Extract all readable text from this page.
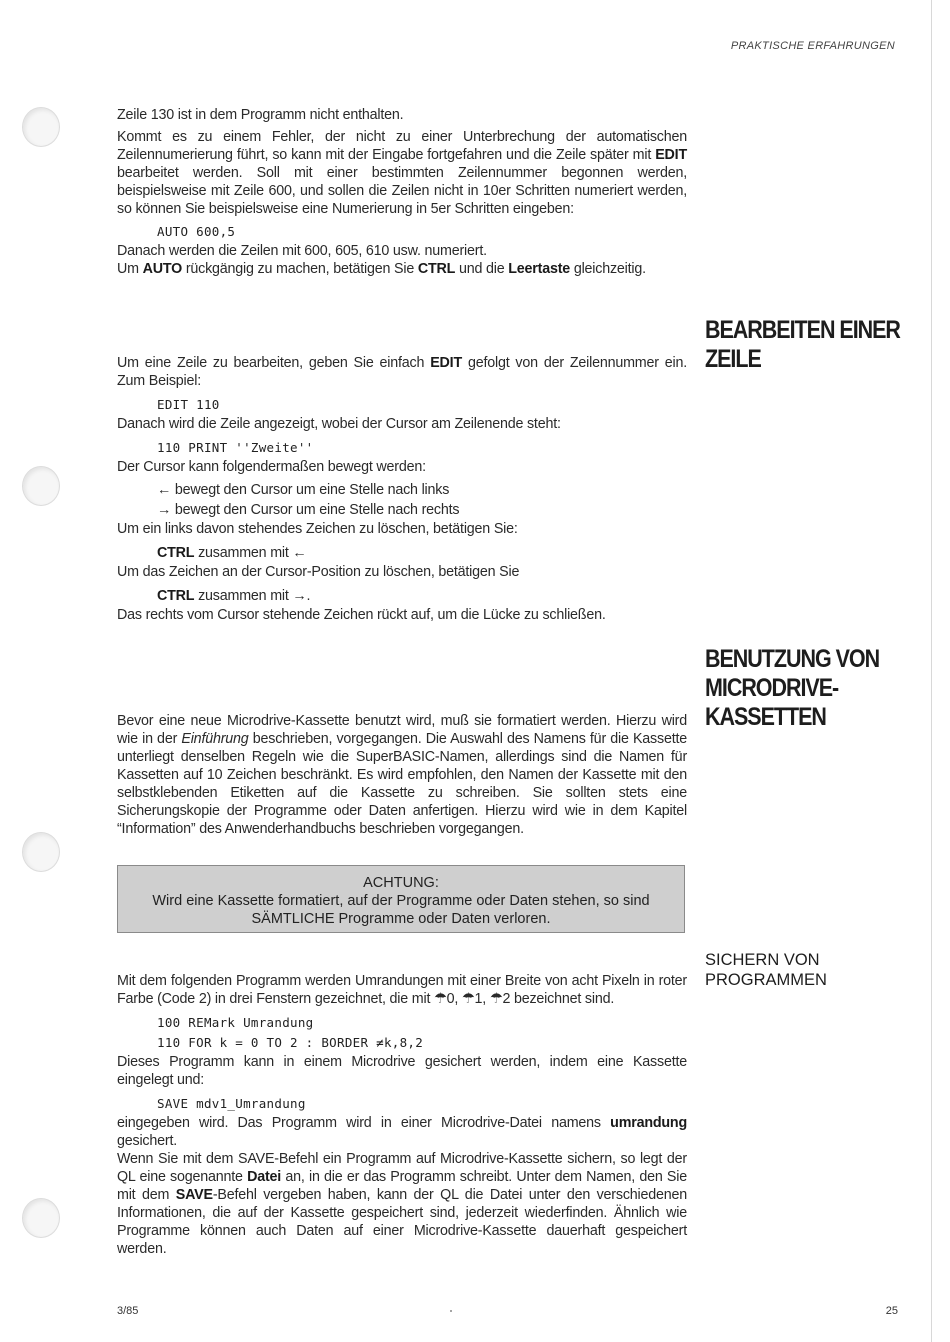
PRAKTISCHE ERFAHRUNGEN

Zeile 130 ist in dem Programm nicht enthalten.

Kommt es zu einem Fehler, der nicht zu einer Unterbrechung der automatischen Zeilennumerierung führt, so kann mit der Eingabe fortgefahren und die Zeile später mit EDIT bearbeitet werden. Soll mit einer bestimmten Zeilennummer begonnen werden, beispielsweise mit Zeile 600, und sollen die Zeilen nicht in 10er Schritten numeriert werden, so können Sie beispielsweise eine Numerierung in 5er Schritten eingeben:

AUTO 600,5

Danach werden die Zeilen mit 600, 605, 610 usw. numeriert.

Um AUTO rückgängig zu machen, betätigen Sie CTRL und die Leertaste gleichzeitig.

BEARBEITEN EINER
ZEILE

Um eine Zeile zu bearbeiten, geben Sie einfach EDIT gefolgt von der Zeilennummer ein. Zum Beispiel:

EDIT 110

Danach wird die Zeile angezeigt, wobei der Cursor am Zeilenende steht:

110 PRINT ''Zweite''

Der Cursor kann folgendermaßen bewegt werden:

← bewegt den Cursor um eine Stelle nach links
→ bewegt den Cursor um eine Stelle nach rechts

Um ein links davon stehendes Zeichen zu löschen, betätigen Sie:

CTRL zusammen mit ←

Um das Zeichen an der Cursor-Position zu löschen, betätigen Sie

CTRL zusammen mit →.

Das rechts vom Cursor stehende Zeichen rückt auf, um die Lücke zu schließen.

BENUTZUNG VON
MICRODRIVE-
KASSETTEN

Bevor eine neue Microdrive-Kassette benutzt wird, muß sie formatiert werden. Hierzu wird wie in der Einführung beschrieben, vorgegangen. Die Auswahl des Namens für die Kassette unterliegt denselben Regeln wie die SuperBASIC-Namen, allerdings sind die Namen für Kassetten auf 10 Zeichen beschränkt. Es wird empfohlen, den Namen der Kassette mit den selbstklebenden Etiketten auf die Kassette zu schreiben. Sie sollten stets eine Sicherungskopie der Programme oder Daten anfertigen. Hierzu wird wie in dem Kapitel “Information” des Anwenderhandbuchs beschrieben vorgegangen.

ACHTUNG:
Wird eine Kassette formatiert, auf der Programme oder Daten stehen, so sind
SÄMTLICHE Programme oder Daten verloren.
SICHERN VON
PROGRAMMEN

Mit dem folgenden Programm werden Umrandungen mit einer Breite von acht Pixeln in roter Farbe (Code 2) in drei Fenstern gezeichnet, die mit ☂0, ☂1, ☂2 bezeichnet sind.

100 REMark Umrandung
110 FOR k = 0 TO 2 : BORDER ≠k,8,2

Dieses Programm kann in einem Microdrive gesichert werden, indem eine Kassette eingelegt und:

SAVE mdv1_Umrandung

eingegeben wird. Das Programm wird in einer Microdrive-Datei namens umrandung gesichert.

Wenn Sie mit dem SAVE-Befehl ein Programm auf Microdrive-Kassette sichern, so legt der QL eine sogenannte Datei an, in die er das Programm schreibt. Unter dem Namen, den Sie mit dem SAVE-Befehl vergeben haben, kann der QL die Datei unter den verschiedenen Informationen, die auf der Kassette gespeichert sind, jederzeit wiederfinden. Ähnlich wie Programme können auch Daten auf einer Microdrive-Kassette dauerhaft gespeichert werden.

3/85	25
